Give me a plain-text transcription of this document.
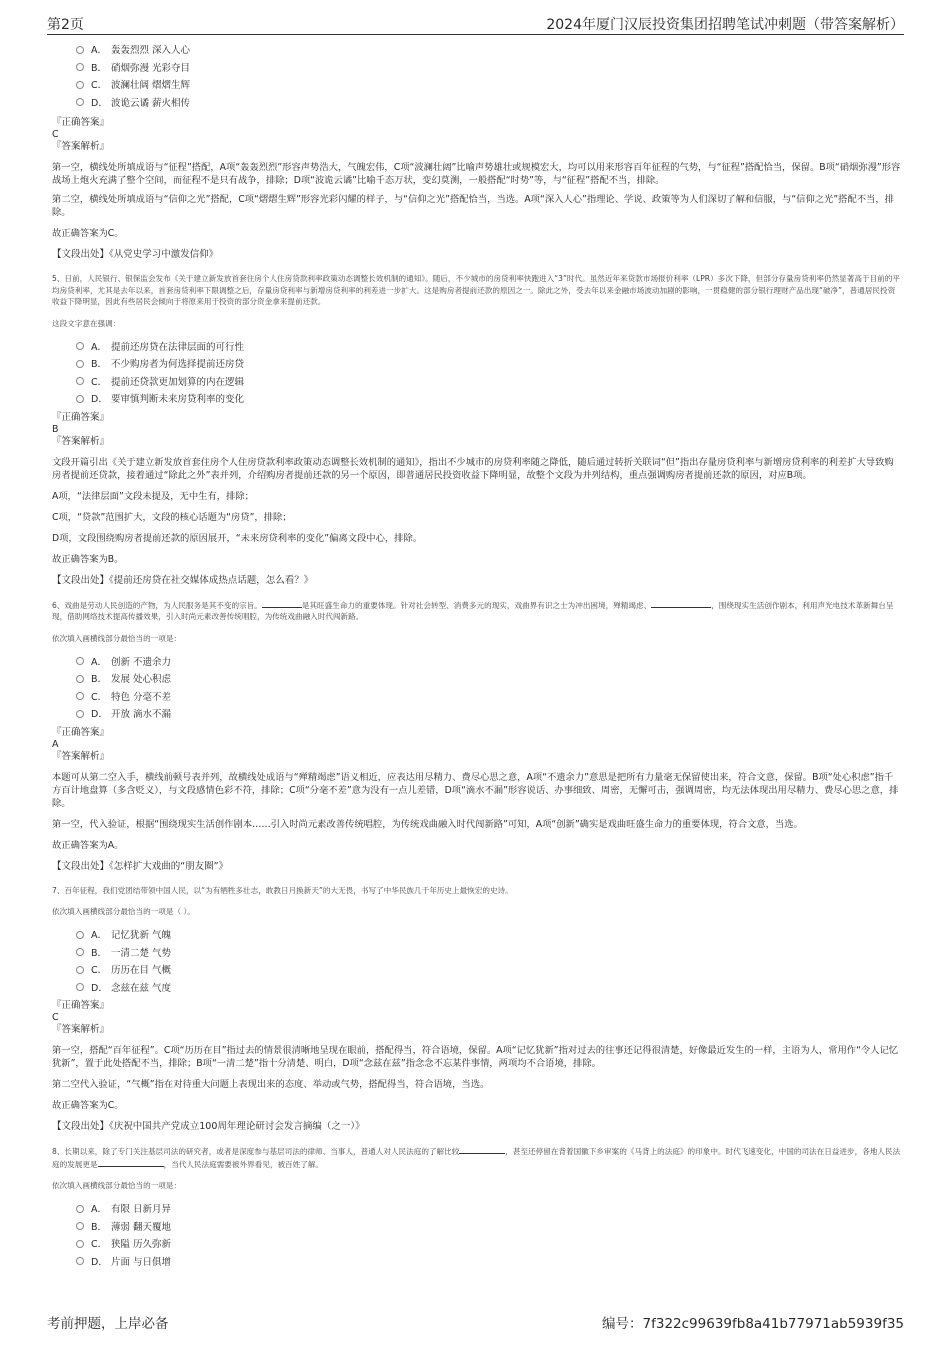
第2页	2024年厦门汉辰投资集团招聘笔试冲刺题（带答案解析）
A． 轰轰烈烈 深入人心
B． 硝烟弥漫 光彩夺目
C． 波澜壮阔 熠熠生辉
D． 波诡云谲 薪火相传

『正确答案』

C

『答案解析』

第一空，横线处所填成语与“征程”搭配，A项“轰轰烈烈”形容声势浩大，气魄宏伟，C项“波澜壮阔”比喻声势雄壮或规模宏大，均可以用来形容百年征程的气势，与“征程”搭配恰当，保留。B项“硝烟弥漫”形容战场上炮火充满了整个空间，而征程不是只有战争，排除；D项“波诡云谲”比喻千态万状，变幻莫测，一般搭配“时势”等，与“征程”搭配不当，排除。

第二空，横线处所填成语与“信仰之光”搭配，C项“熠熠生辉”形容光彩闪耀的样子，与“信仰之光”搭配恰当，当选。A项“深入人心”指理论、学说、政策等为人们深切了解和信服，与“信仰之光”搭配不当，排除。

故正确答案为C。

【文段出处】《从党史学习中激发信仰》

5、日前，人民银行、银保监会发布《关于建立新发放首套住房个人住房贷款利率政策动态调整长效机制的通知》。随后，不少城市的房贷利率快跑进入“3”时代。虽然近年来贷款市场报价利率（LPR）多次下降，但部分存量房贷利率仍然显著高于目前的平均房贷利率，尤其是去年以来，首套房贷利率下限调整之后，存量房贷利率与新增房贷利率的利差进一步扩大。这是购房者提前还款的原因之一。除此之外，受去年以来金融市场波动加剧的影响，一贯稳健的部分银行理财产品出现“破净”，普通居民投资收益下降明显，因此有些居民会倾向于将原来用于投资的部分资金拿来提前还款。

这段文字意在强调：

A． 提前还房贷在法律层面的可行性
B． 不少购房者为何选择提前还房贷
C． 提前还贷款更加划算的内在逻辑
D． 要审慎判断未来房贷利率的变化

『正确答案』

B

『答案解析』

文段开篇引出《关于建立新发放首套住房个人住房贷款利率政策动态调整长效机制的通知》，指出不少城市的房贷利率随之降低，随后通过转折关联词“但”指出存量房贷利率与新增房贷利率的利差扩大导致购房者提前还贷款，接着通过“除此之外”表并列，介绍购房者提前还款的另一个原因，即普通居民投资收益下降明显，故整个文段为并列结构，重点强调购房者提前还款的原因，对应B项。

A项，“法律层面”文段未提及，无中生有，排除；

C项，“贷款”范围扩大，文段的核心话题为“房贷”，排除；

D项，文段围绕购房者提前还款的原因展开，“未来房贷利率的变化”偏离文段中心，排除。

故正确答案为B。

【文段出处】《提前还房贷在社交媒体成热点话题，怎么看？》

6、戏曲是劳动人民创造的产物，为人民服务是其不变的宗旨。	是其旺盛生命力的重要体现。针对社会转型、消费多元的现实，戏曲界有识之士为冲出困境，殚精竭虑、	，围绕现实生活创作剧本，利用声光电技术革新舞台呈现，借助网络技术提高传播效果，引入时尚元素改善传统唱腔，为传统戏曲融入时代闯新路。

依次填入画横线部分最恰当的一项是：

A． 创新 不遗余力
B． 发展 处心积虑
C． 特色 分毫不差
D． 开放 滴水不漏

『正确答案』

A

『答案解析』

本题可从第二空入手，横线前顿号表并列，故横线处成语与“殚精竭虑”语义相近，应表达用尽精力、费尽心思之意，A项“不遗余力”意思是把所有力量毫无保留使出来，符合文意，保留。B项“处心积虑”指千方百计地盘算（多含贬义），与文段感情色彩不符，排除；C项“分毫不差”意为没有一点儿差错，D项“滴水不漏”形容说话、办事细致、周密，无懈可击，强调周密，均无法体现出用尽精力、费尽心思之意，排除。

第一空，代入验证，根据“围绕现实生活创作剧本……引入时尚元素改善传统唱腔，为传统戏曲融入时代闯新路”可知，A项“创新”确实是戏曲旺盛生命力的重要体现，符合文意，当选。

故正确答案为A。

【文段出处】《怎样扩大戏曲的“朋友圈”》

7、百年征程，我们党团结带领中国人民，以“为有牺牲多壮志，敢教日月换新天”的大无畏，书写了中华民族几千年历史上最恢宏的史诗。

依次填入画横线部分最恰当的一项是（ ）。

A． 记忆犹新 气魄
B． 一清二楚 气势
C． 历历在目 气概
D． 念兹在兹 气度

『正确答案』

C

『答案解析』

第一空，搭配“百年征程”。C项“历历在目”指过去的情景很清晰地呈现在眼前，搭配得当，符合语境，保留。A项“记忆犹新”指对过去的往事还记得很清楚，好像最近发生的一样，主语为人，常用作“令人记忆犹新”，置于此处搭配不当，排除；B项“一清二楚”指十分清楚、明白，D项“念兹在兹”指念念不忘某件事情，两项均不合语境，排除。

第二空代入验证，“气概”指在对待重大问题上表现出来的态度、举动或气势，搭配得当，符合语境，当选。

故正确答案为C。

【文段出处】《庆祝中国共产党成立100周年理论研讨会发言摘编（之一）》

8、长期以来，除了专门关注基层司法的研究者，或者是深度参与基层司法的律师、当事人，普通人对人民法庭的了解比较	，甚至还停留在背着国徽下乡审案的《马背上的法庭》的印象中。时代飞速变化，中国的司法在日益进步，各地人民法庭的发展更是	，当代人民法庭需要被外界看见，被百姓了解。

依次填入画横线部分最恰当的一项是：

A． 有限 日新月异
B． 薄弱 翻天覆地
C． 狭隘 历久弥新
D． 片面 与日俱增
考前押题，上岸必备	编号：7f322c99639fb8a41b77971ab5939f35
